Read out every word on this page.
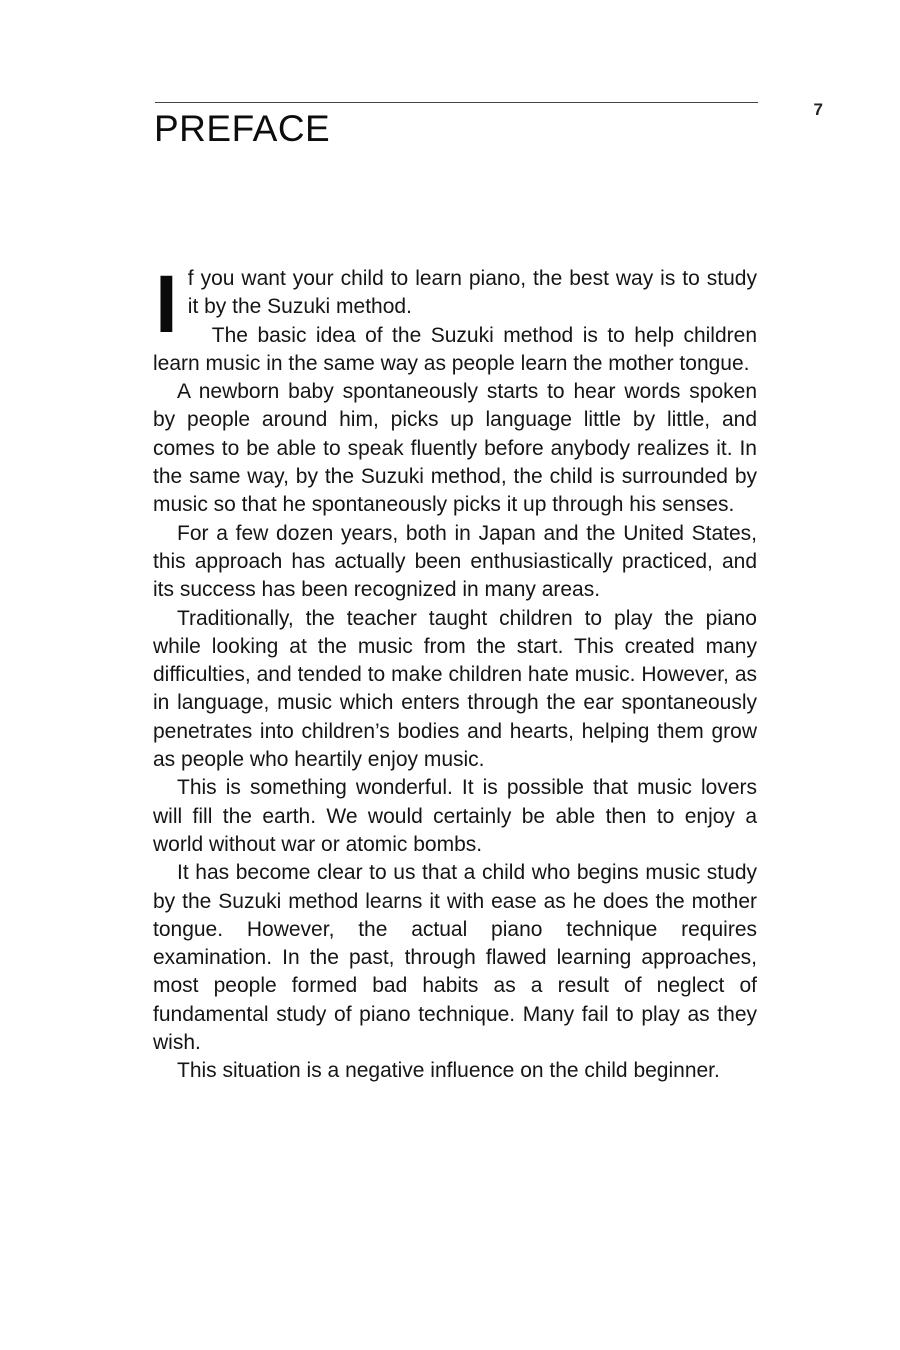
7
PREFACE

If you want your child to learn piano, the best way is to study it by the Suzuki method.

The basic idea of the Suzuki method is to help children learn music in the same way as people learn the mother tongue.

A newborn baby spontaneously starts to hear words spoken by people around him, picks up language little by little, and comes to be able to speak fluently before anybody realizes it. In the same way, by the Suzuki method, the child is surrounded by music so that he spontaneously picks it up through his senses.

For a few dozen years, both in Japan and the United States, this approach has actually been enthusiastically practiced, and its success has been recognized in many areas.

Traditionally, the teacher taught children to play the piano while looking at the music from the start. This created many difficulties, and tended to make children hate music. However, as in language, music which enters through the ear spontaneously penetrates into children’s bodies and hearts, helping them grow as people who heartily enjoy music.

This is something wonderful. It is possible that music lovers will fill the earth. We would certainly be able then to enjoy a world without war or atomic bombs.

It has become clear to us that a child who begins music study by the Suzuki method learns it with ease as he does the mother tongue. However, the actual piano technique requires examination. In the past, through flawed learning approaches, most people formed bad habits as a result of neglect of fundamental study of piano technique. Many fail to play as they wish.

This situation is a negative influence on the child beginner.
